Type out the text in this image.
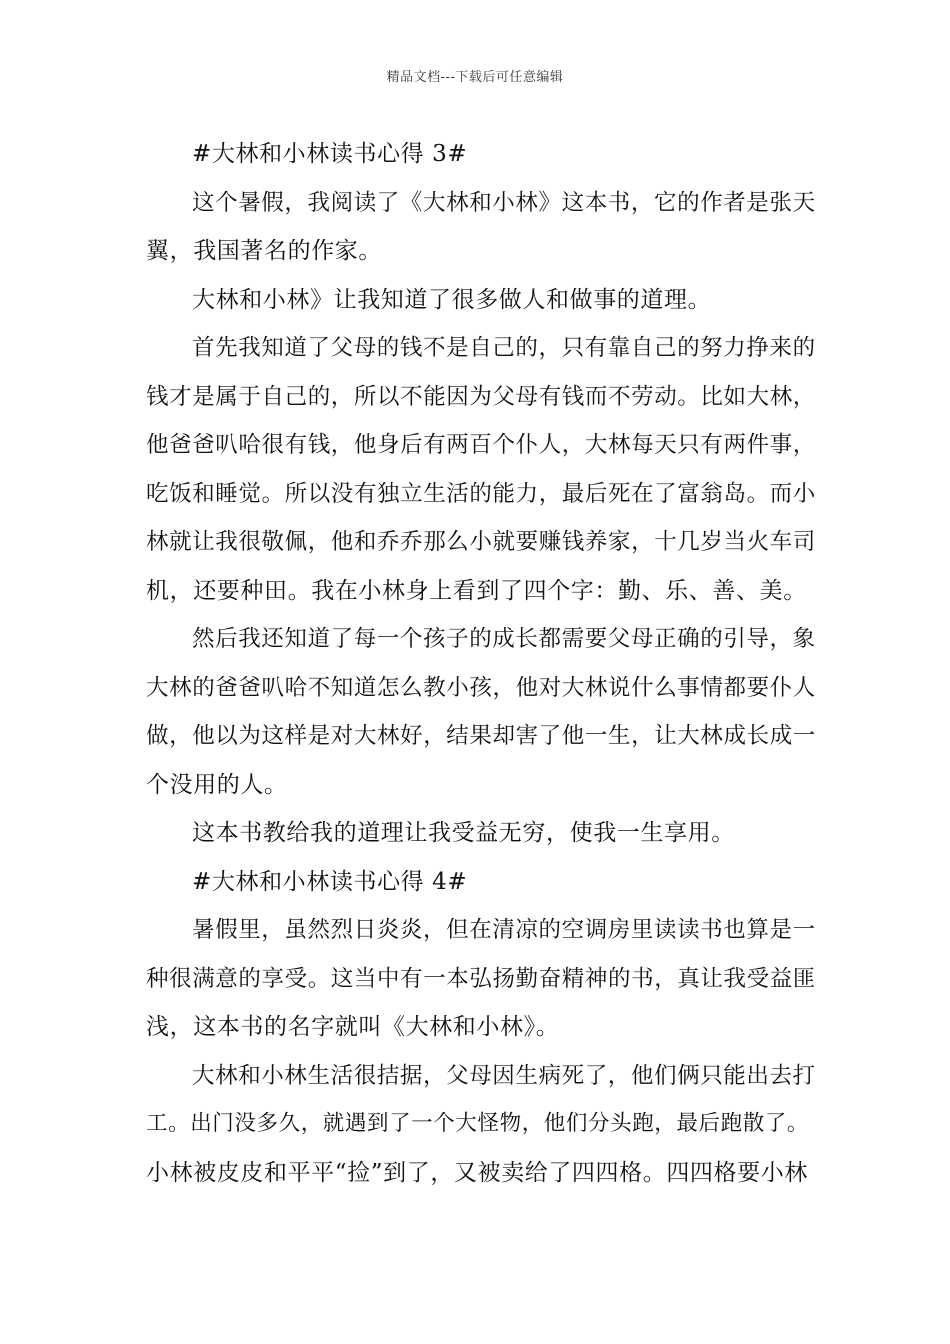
精品文档---下载后可任意编辑
#大林和小林读书心得 3#
这个暑假，我阅读了《大林和小林》这本书，它的作者是张天
翼，我国著名的作家。
大林和小林》让我知道了很多做人和做事的道理。
首先我知道了父母的钱不是自己的，只有靠自己的努力挣来的
钱才是属于自己的，所以不能因为父母有钱而不劳动。比如大林，
他爸爸叭哈很有钱，他身后有两百个仆人，大林每天只有两件事，
吃饭和睡觉。所以没有独立生活的能力，最后死在了富翁岛。而小
林就让我很敬佩，他和乔乔那么小就要赚钱养家，十几岁当火车司
机，还要种田。我在小林身上看到了四个字：勤、乐、善、美。
然后我还知道了每一个孩子的成长都需要父母正确的引导，象
大林的爸爸叭哈不知道怎么教小孩，他对大林说什么事情都要仆人
做，他以为这样是对大林好，结果却害了他一生，让大林成长成一
个没用的人。
这本书教给我的道理让我受益无穷，使我一生享用。
#大林和小林读书心得 4#
暑假里，虽然烈日炎炎，但在清凉的空调房里读读书也算是一
种很满意的享受。这当中有一本弘扬勤奋精神的书，真让我受益匪
浅，这本书的名字就叫《大林和小林》。
大林和小林生活很拮据，父母因生病死了，他们俩只能出去打
工。出门没多久，就遇到了一个大怪物，他们分头跑，最后跑散了。
小林被皮皮和平平“捡”到了，又被卖给了四四格。四四格要小林
